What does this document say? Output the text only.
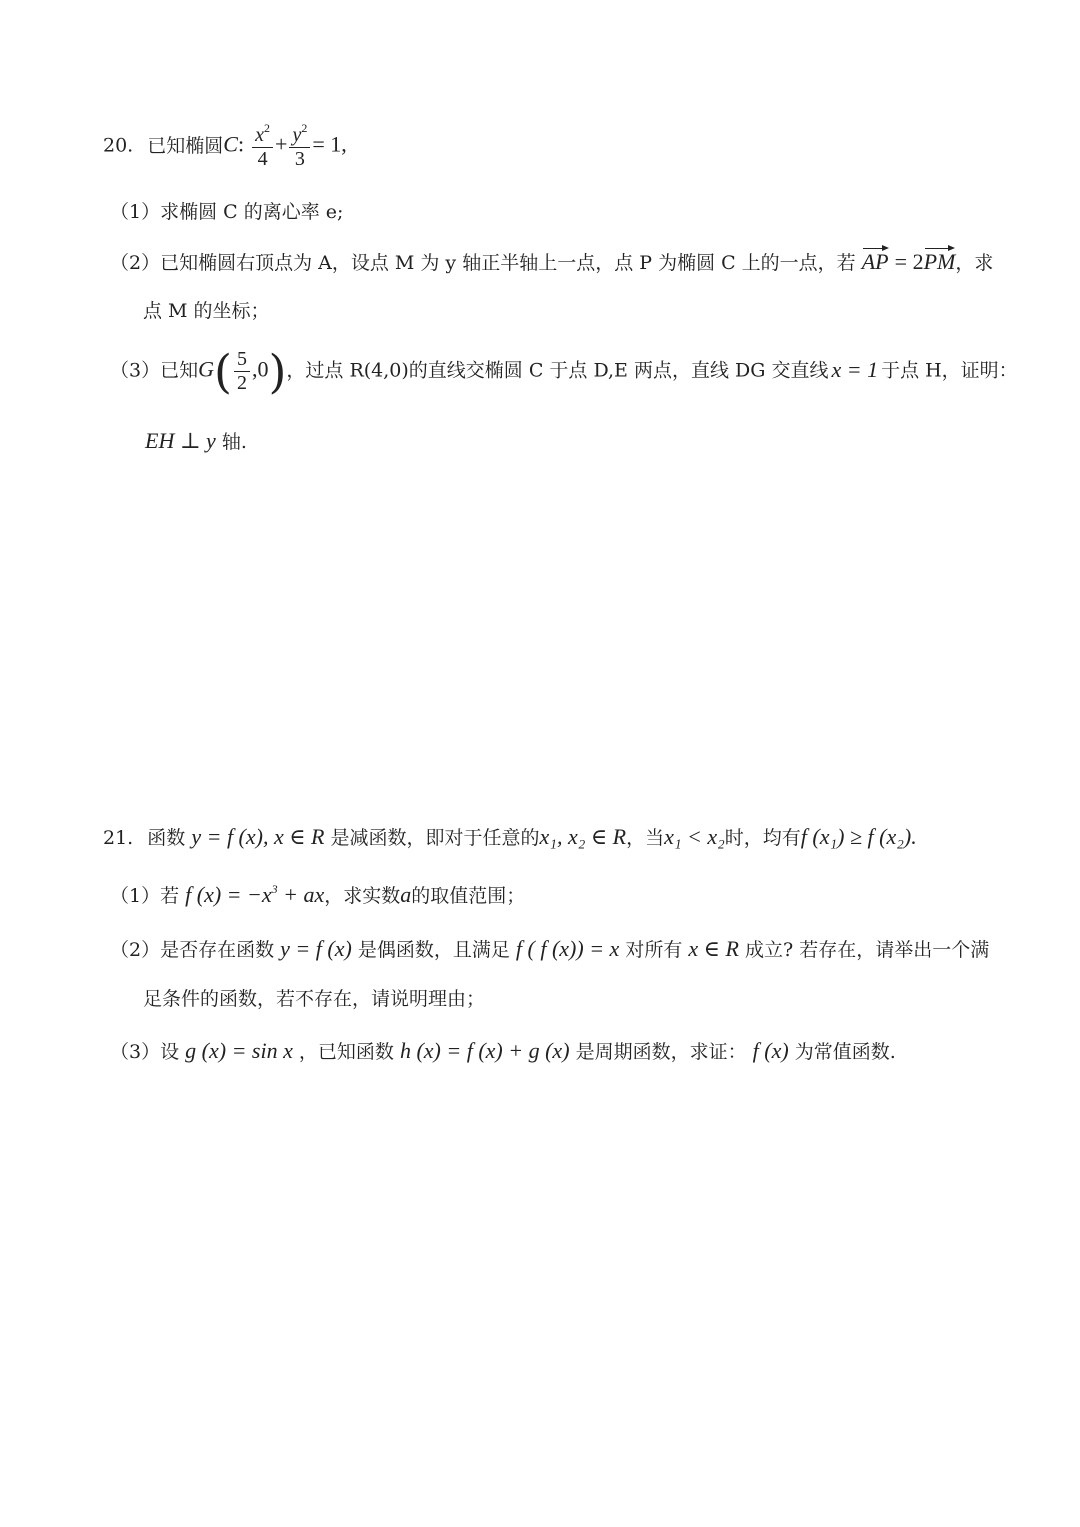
20. 已知椭圆C: $\frac{x^2}{4} + \frac{y^2}{3} = 1$,
（1）求椭圆 C 的离心率 e;
（2）已知椭圆右顶点为 A，设点 M 为 y 轴正半轴上一点，点 P 为椭圆 C 上的一点，若 AP = 2PM，求
点 M 的坐标；
（3）已知$G( \frac{5}{2} ,0)$，过点 R(4,0)的直线交椭圆 C 于点 D,E 两点，直线 DG 交直线 x = 1 于点 H，证明：
EH ⊥ y 轴.
21. 函数 y = f (x), x ∈ R 是减函数，即对于任意的x₁, x₂ ∈ R，当x₁ < x₂时，均有f (x₁) ≥ f (x₂).
（1）若 f $(x) = -x^3$ + ax，求实数a的取值范围；
（2）是否存在函数 y = f (x) 是偶函数，且满足 f ( f (x)) = x 对所有 x ∈ R 成立? 若存在，请举出一个满
足条件的函数，若不存在，请说明理由；
（3）设 g (x) = sin x ，已知函数 h (x) = f (x) + g (x) 是周期函数，求证： f (x) 为常值函数.
